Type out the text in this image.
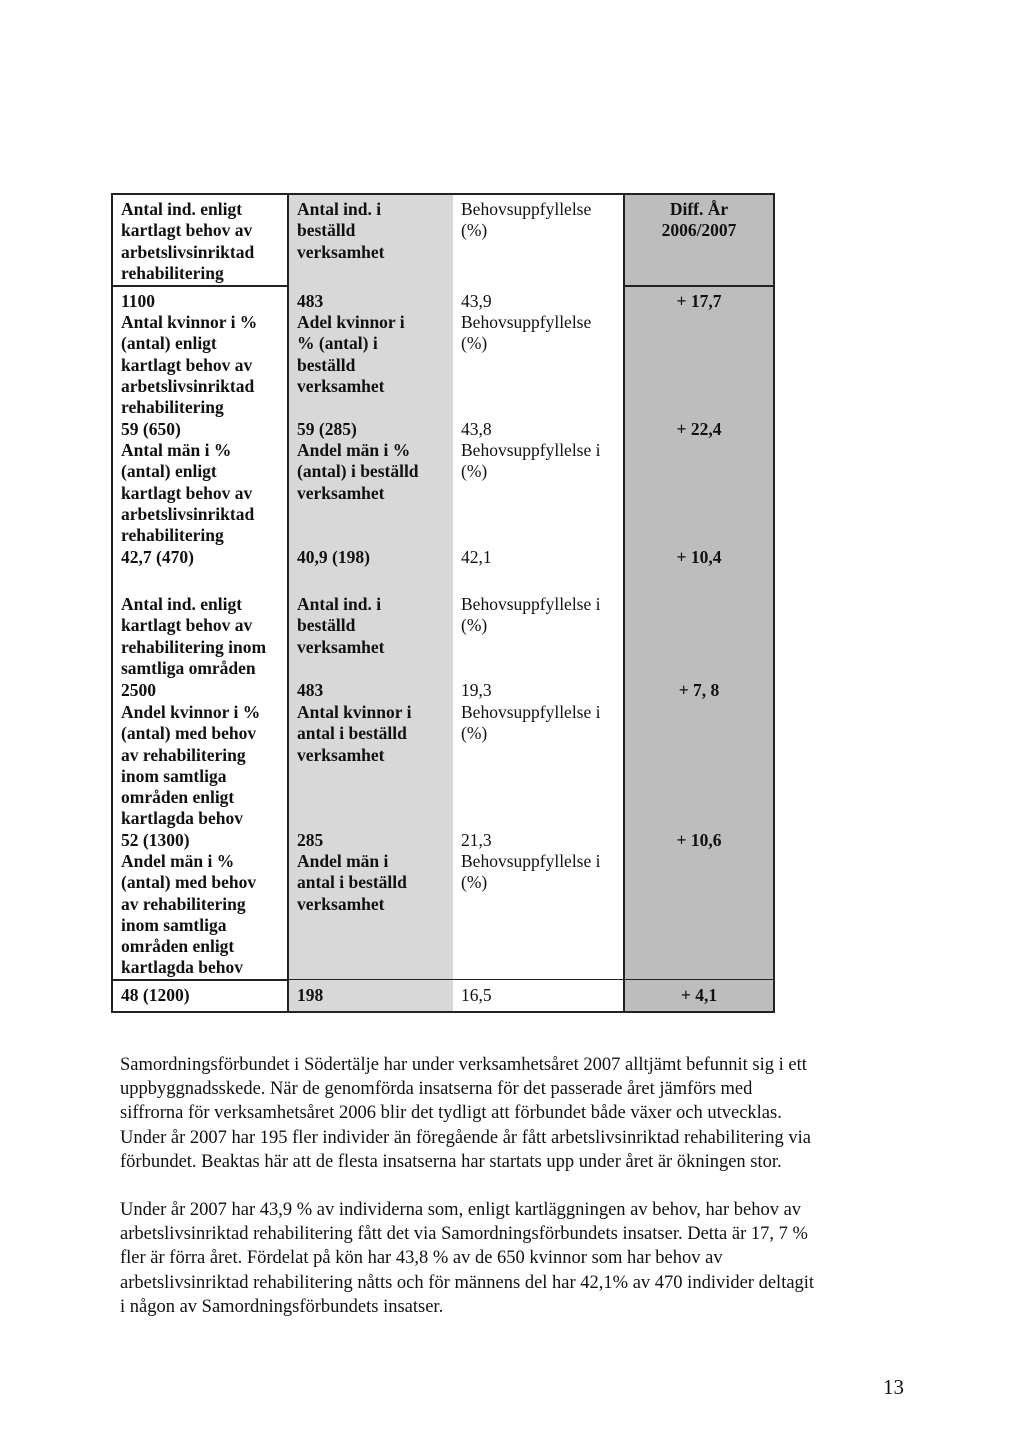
Antal ind. enligt
kartlagt behov av
arbetslivsinriktad
rehabilitering
1100
Antal kvinnor i %
(antal) enligt
kartlagt behov av
arbetslivsinriktad
rehabilitering
59 (650)
Antal män i %
(antal) enligt
kartlagt behov av
arbetslivsinriktad
rehabilitering
42,7 (470)
Antal ind. enligt
kartlagt behov av
rehabilitering inom
samtliga områden
2500
Andel kvinnor i %
(antal) med behov
av rehabilitering
inom samtliga
områden enligt
kartlagda behov
52 (1300)
Andel män i %
(antal) med behov
av rehabilitering
inom samtliga
områden enligt
kartlagda behov
48 (1200)
Antal ind. i
beställd
verksamhet
483
Adel kvinnor i
% (antal) i
beställd
verksamhet
59 (285)
Andel män i %
(antal) i beställd
verksamhet
40,9 (198)
Antal ind. i
beställd
verksamhet
483
Antal kvinnor i
antal i beställd
verksamhet
285
Andel män i
antal i beställd
verksamhet
198
Behovsuppfyllelse
(%)
43,9
Behovsuppfyllelse
(%)
43,8
Behovsuppfyllelse i
(%)
42,1
Behovsuppfyllelse i
(%)
19,3
Behovsuppfyllelse i
(%)
21,3
Behovsuppfyllelse i
(%)
16,5
Diff. År
2006/2007
+ 17,7
+ 22,4
+ 10,4
+ 7, 8
+ 10,6
+ 4,1
Samordningsförbundet i Södertälje har under verksamhetsåret 2007 alltjämt befunnit sig i ett
uppbyggnadsskede. När de genomförda insatserna för det passerade året jämförs med
siffrorna för verksamhetsåret 2006 blir det tydligt att förbundet både växer och utvecklas.
Under år 2007 har 195 fler individer än föregående år fått arbetslivsinriktad rehabilitering via
förbundet. Beaktas här att de flesta insatserna har startats upp under året är ökningen stor.
Under år 2007 har 43,9 % av individerna som, enligt kartläggningen av behov, har behov av
arbetslivsinriktad rehabilitering fått det via Samordningsförbundets insatser. Detta är 17, 7 %
fler är förra året. Fördelat på kön har 43,8 % av de 650 kvinnor som har behov av
arbetslivsinriktad rehabilitering nåtts och för männens del har 42,1% av 470 individer deltagit
i någon av Samordningsförbundets insatser.
13
